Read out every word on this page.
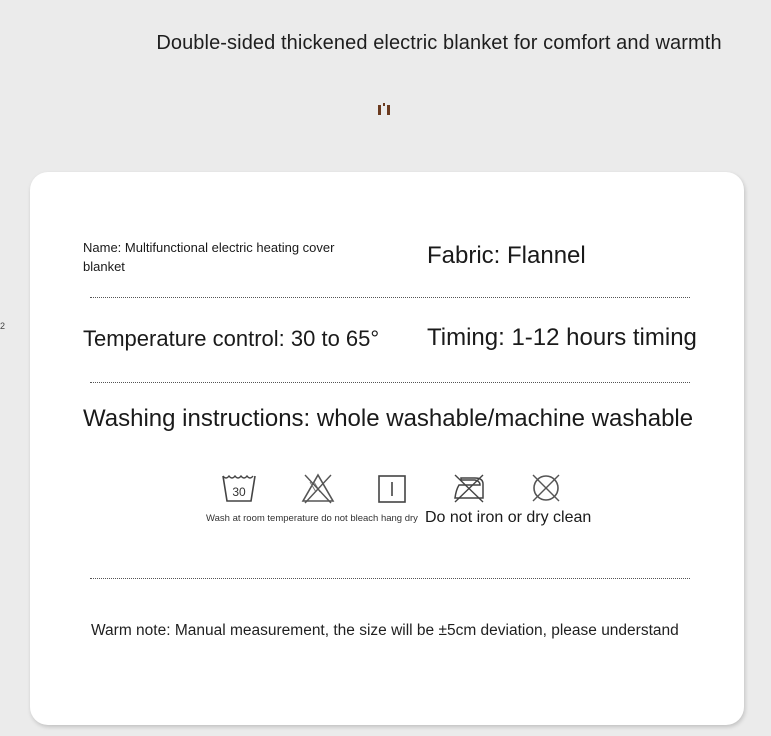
Double-sided thickened electric blanket for comfort and warmth
2
Name: Multifunctional electric heating cover blanket	Fabric: Flannel
Temperature control: 30 to 65° Timing: 1-12 hours timing
Washing instructions: whole washable/machine washable
30
Wash at room temperature do not bleach hang dry Do not iron or dry clean
Warm note: Manual measurement, the size will be ±5cm deviation, please understand
